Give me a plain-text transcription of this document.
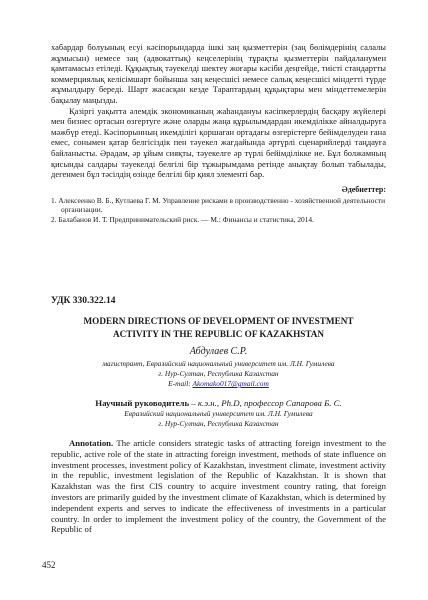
хабардар болуының есуі кәсіпорындарда ішкі заң қызметтерін (заң бөлімдерінің салалы жұмысын) немесе заң (адвокаттық) кеңселерінің тұрақты қызметтерін пайдаланумен қамтамасыз етіледі. Құқықтық тәуекелді шектеу жоғары кәсіби деңгейде, тиісті стандартты коммерциялық келісімшарт бойынша заң кеңесшісі немесе салық кеңесшісі міндетті түрде жұмылдыру береді. Шарт жасасқан кезде Тараптардың құқықтары мен міндеттемелерін бақылау маңызды.

Қазіргі уақытта әлемдік экономиканың жаһандануы кәсіпкерлердің басқару жүйелері мен бизнес ортасын өзгертуге және оларды жаңа құрылымдардан икемділікке айналдыруға мәжбүр етеді. Кәсіпорынның икемділігі қоршаған ортадағы өзгерістерге бейімделуден ғана емес, сонымен қатар белгісіздік пен тәуекел жағдайында әртүрлі сценарийлерді таңдауға байланысты. Әрадам, әр ұйым сияқты, тәуекелге әр түрлі бейімділікке ие. Бұл болжамның қисынды салдары тәуекелді белгілі бір тұжырымдама ретінде анықтау болып табылады, дегенмен бұл тәсілдің өзінде белгілі бір қиял элементі бар.

Әдебиеттер:

1. Алексеенко В. Б., Кутлаева Г. М. Управление рисками в производственно - хозяйственной деятельности организации.

2. Балабанов И. Т. Предпринимательский риск. — М.: Финансы и статистика, 2014.

УДК 330.322.14
MODERN DIRECTIONS OF DEVELOPMENT OF INVESTMENT
ACTIVITY IN THE REPUBLIC OF KAZAKHSTAN
Абдулаев С.Р.
магистрант, Евразийский национальный университет им. Л.Н. Гумилева
г. Нур-Султан, Республика Казахстан
E-mail: Akomako017@gmail.com
Научный руководитель – к.э.н., Ph.D, профессор Сапарова Б. С.
Евразийский национальный университет им. Л.Н. Гумилева
г. Нур-Султан, Республика Казахстан

Annotation. The article considers strategic tasks of attracting foreign investment to the republic, active role of the state in attracting foreign investment, methods of state influence on investment processes, investment policy of Kazakhstan, investment climate, investment activity in the republic, investment legislation of the Republic of Kazakhstan. It is shown that Kazakhstan was the first CIS country to acquire investment country rating, that foreign investors are primarily guided by the investment climate of Kazakhstan, which is determined by independent experts and serves to indicate the effectiveness of investments in a particular country. In order to implement the investment policy of the country, the Government of the Republic of

452
